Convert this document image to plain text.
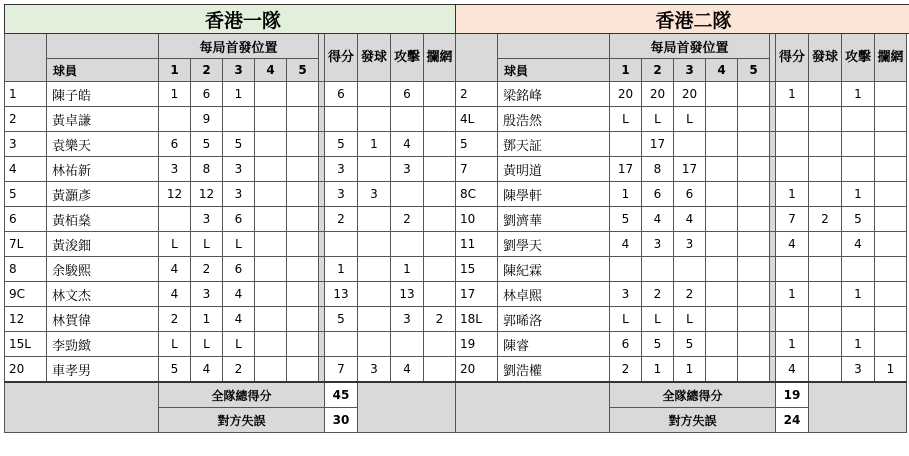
香港一隊											
		每局首發位置						得分	發球	攻擊	攔網
	球員	1	2	3	4	5					
1	陳子皓	1	6	1				6		6	
2	黃卓謙		9								
3	袁樂天	6	5	5				5	1	4	
4	林祐新	3	8	3				3		3	
5	黃灝彥	12	12	3				3	3		
6	黃栢燊		3	6				2		2	
7L	黃浚鈿	L	L	L							
8	余駿熙	4	2	6				1		1	
9C	林文杰	4	3	4				13		13	
12	林賀徫	2	1	4				5		3	2
15L	李勁緻	L	L	L							
20	車孝男	5	4	2				7	3	4	
		全隊總得分						45			
		對方失誤						30			
香港二隊											
		每局首發位置						得分	發球	攻擊	攔網
	球員	1	2	3	4	5					
2	梁銘峰	20	20	20				1		1	
4L	殷浩然	L	L	L							
5	鄧天証		17								
7	黃明道	17	8	17							
8C	陳學軒	1	6	6				1		1	
10	劉濟華	5	4	4				7	2	5	
11	劉學天	4	3	3				4		4	
15	陳紀霖										
17	林卓熙	3	2	2				1		1	
18L	郭晞洛	L	L	L							
19	陳睿	6	5	5				1		1	
20	劉浩權	2	1	1				4		3	1
		全隊總得分						19			
		對方失誤						24			
